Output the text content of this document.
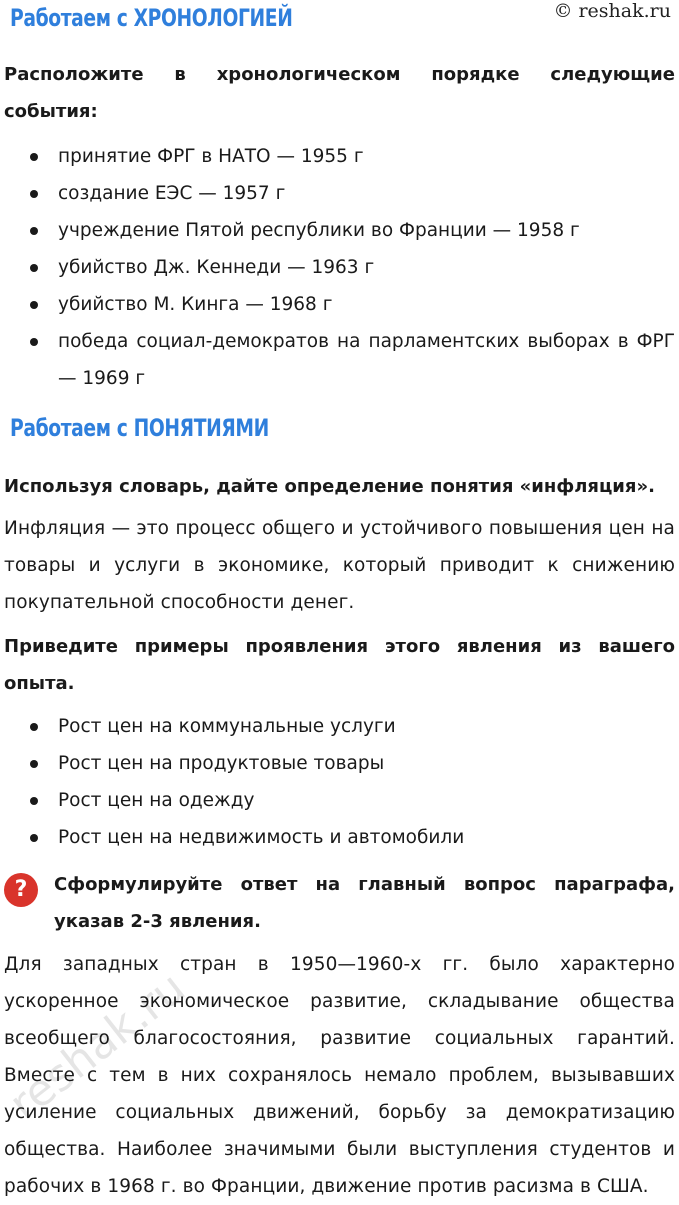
Работаем с ХРОНОЛОГИЕЙ	© reshak.ru
Расположите в хронологическом порядке следующие события:
принятие ФРГ в НАТО — 1955 г
создание ЕЭС — 1957 г
учреждение Пятой республики во Франции — 1958 г
убийство Дж. Кеннеди — 1963 г
убийство М. Кинга — 1968 г
победа социал-демократов на парламентских выборах в ФРГ — 1969 г
Работаем с ПОНЯТИЯМИ
Используя словарь, дайте определение понятия «инфляция».
Инфляция — это процесс общего и устойчивого повышения цен на товары и услуги в экономике, который приводит к снижению покупательной способности денег.
Приведите примеры проявления этого явления из вашего опыта.
Рост цен на коммунальные услуги
Рост цен на продуктовые товары
Рост цен на одежду
Рост цен на недвижимость и автомобили
?	Сформулируйте ответ на главный вопрос параграфа, указав 2-3 явления.
Для западных стран в 1950—1960-х гг. было характерно ускоренное экономическое развитие, складывание общества всеобщего благосостояния, развитие социальных гарантий. Вместе с тем в них сохранялось немало проблем, вызывавших усиление социальных движений, борьбу за демократизацию общества. Наиболее значимыми были выступления студентов и рабочих в 1968 г. во Франции, движение против расизма в США.
reshak.ru
